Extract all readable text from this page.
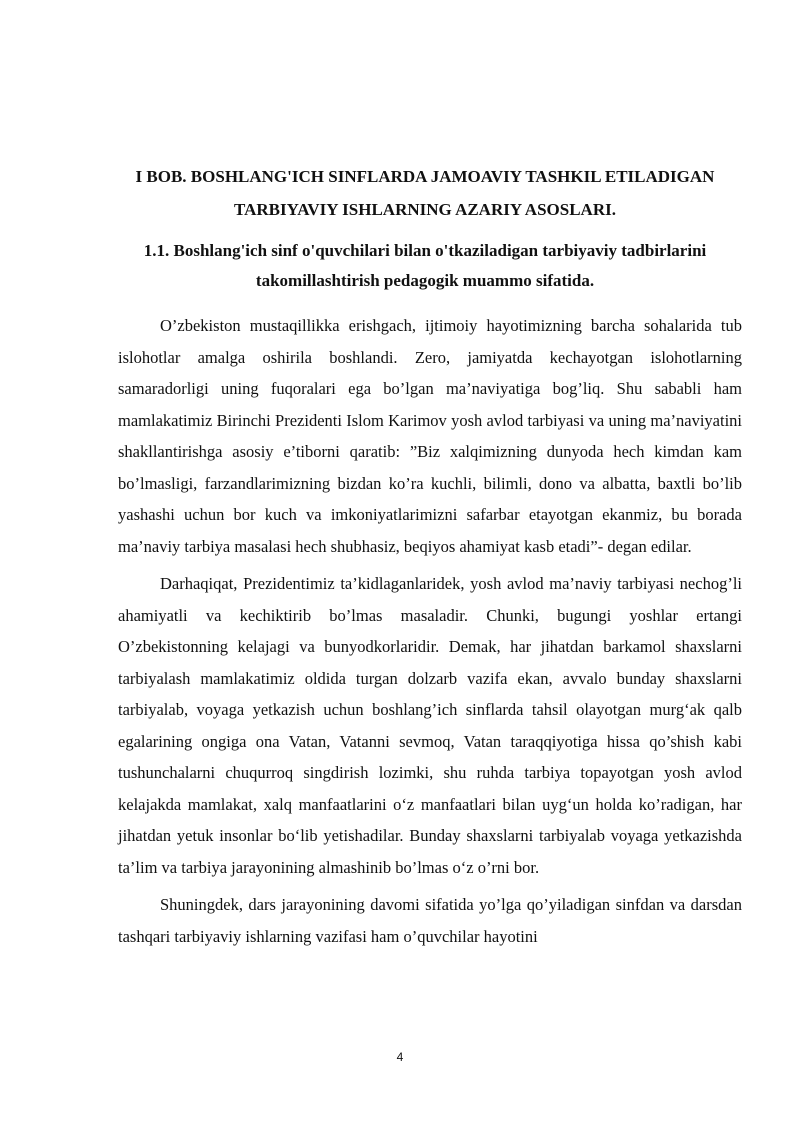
I BOB. BOSHLANG'ICH SINFLARDA JAMOAVIY TASHKIL ETILADIGAN TARBIYAVIY ISHLARNING AZARIY ASOSLARI.
1.1. Boshlang'ich sinf o'quvchilari bilan o'tkaziladigan tarbiyaviy tadbirlarini takomillashtirish pedagogik muammo sifatida.

O’zbekiston mustaqillikka erishgach, ijtimoiy hayotimizning barcha sohalarida tub islohotlar amalga oshirila boshlandi. Zero, jamiyatda kechayotgan islohotlarning samaradorligi uning fuqoralari ega bo’lgan ma’naviyatiga bog’liq. Shu sababli ham mamlakatimiz Birinchi Prezidenti Islom Karimov yosh avlod tarbiyasi va uning ma’naviyatini shakllantirishga asosiy e’tiborni qaratib: ”Biz xalqimizning dunyoda hech kimdan kam bo’lmasligi, farzandlarimizning bizdan ko’ra kuchli, bilimli, dono va albatta, baxtli bo’lib yashashi uchun bor kuch va imkoniyatlarimizni safarbar etayotgan ekanmiz, bu borada ma’naviy tarbiya masalasi hech shubhasiz, beqiyos ahamiyat kasb etadi”- degan edilar.

Darhaqiqat, Prezidentimiz ta’kidlaganlaridek, yosh avlod ma’naviy tarbiyasi nechog’li ahamiyatli va kechiktirib bo’lmas masaladir. Chunki, bugungi yoshlar ertangi O’zbekistonning kelajagi va bunyodkorlaridir. Demak, har jihatdan barkamol shaxslarni tarbiyalash mamlakatimiz oldida turgan dolzarb vazifa ekan, avvalo bunday shaxslarni tarbiyalab, voyaga yetkazish uchun boshlang’ich sinflarda tahsil olayotgan murg‘ak qalb egalarining ongiga ona Vatan, Vatanni sevmoq, Vatan taraqqiyotiga hissa qo’shish kabi tushunchalarni chuqurroq singdirish lozimki, shu ruhda tarbiya topayotgan yosh avlod kelajakda mamlakat, xalq manfaatlarini o‘z manfaatlari bilan uyg‘un holda ko’radigan, har jihatdan yetuk insonlar bo‘lib yetishadilar. Bunday shaxslarni tarbiyalab voyaga yetkazishda ta’lim va tarbiya jarayonining almashinib bo’lmas o‘z o’rni bor.

Shuningdek, dars jarayonining davomi sifatida yo’lga qo’yiladigan sinfdan va darsdan tashqari tarbiyaviy ishlarning vazifasi ham o’quvchilar hayotini

4
